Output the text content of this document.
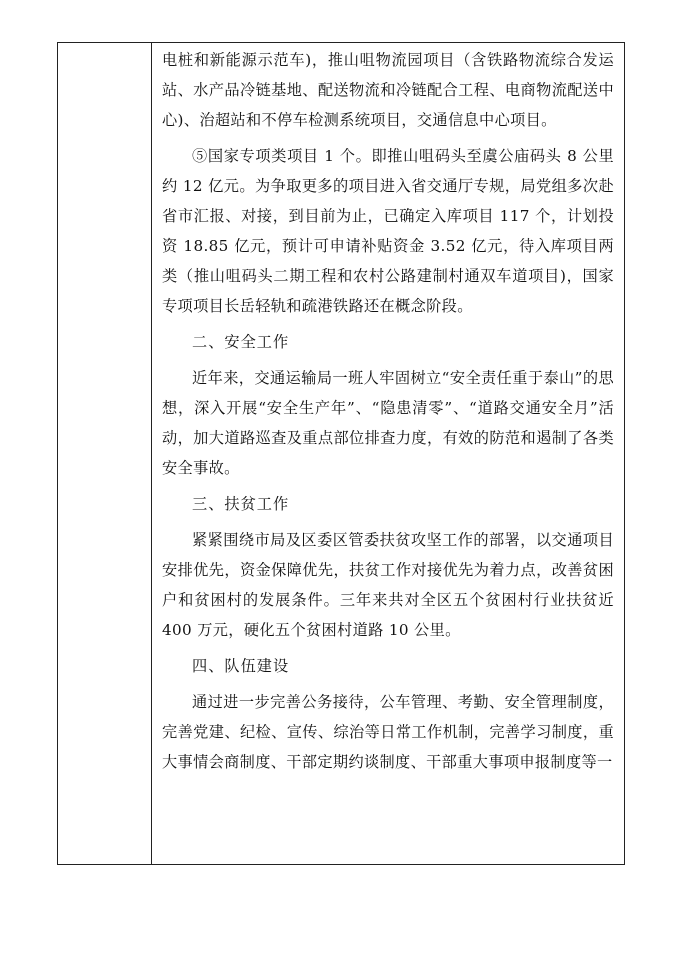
电桩和新能源示范车)，推山咀物流园项目（含铁路物流综合发运站、水产品冷链基地、配送物流和冷链配合工程、电商物流配送中心)、治超站和不停车检测系统项目，交通信息中心项目。

⑤国家专项类项目 1 个。即推山咀码头至虞公庙码头 8 公里约 12 亿元。为争取更多的项目进入省交通厅专规，局党组多次赴省市汇报、对接，到目前为止，已确定入库项目 117 个，计划投资 18.85 亿元，预计可申请补贴资金 3.52 亿元，待入库项目两类（推山咀码头二期工程和农村公路建制村通双车道项目)，国家专项项目长岳轻轨和疏港铁路还在概念阶段。

二、安全工作

近年来，交通运输局一班人牢固树立“安全责任重于泰山”的思想，深入开展“安全生产年”、“隐患清零”、“道路交通安全月”活动，加大道路巡查及重点部位排查力度，有效的防范和遏制了各类安全事故。

三、扶贫工作

紧紧围绕市局及区委区管委扶贫攻坚工作的部署，以交通项目安排优先，资金保障优先，扶贫工作对接优先为着力点，改善贫困户和贫困村的发展条件。三年来共对全区五个贫困村行业扶贫近 400 万元，硬化五个贫困村道路 10 公里。

四、队伍建设

通过进一步完善公务接待，公车管理、考勤、安全管理制度，完善党建、纪检、宣传、综治等日常工作机制，完善学习制度，重大事情会商制度、干部定期约谈制度、干部重大事项申报制度等一
